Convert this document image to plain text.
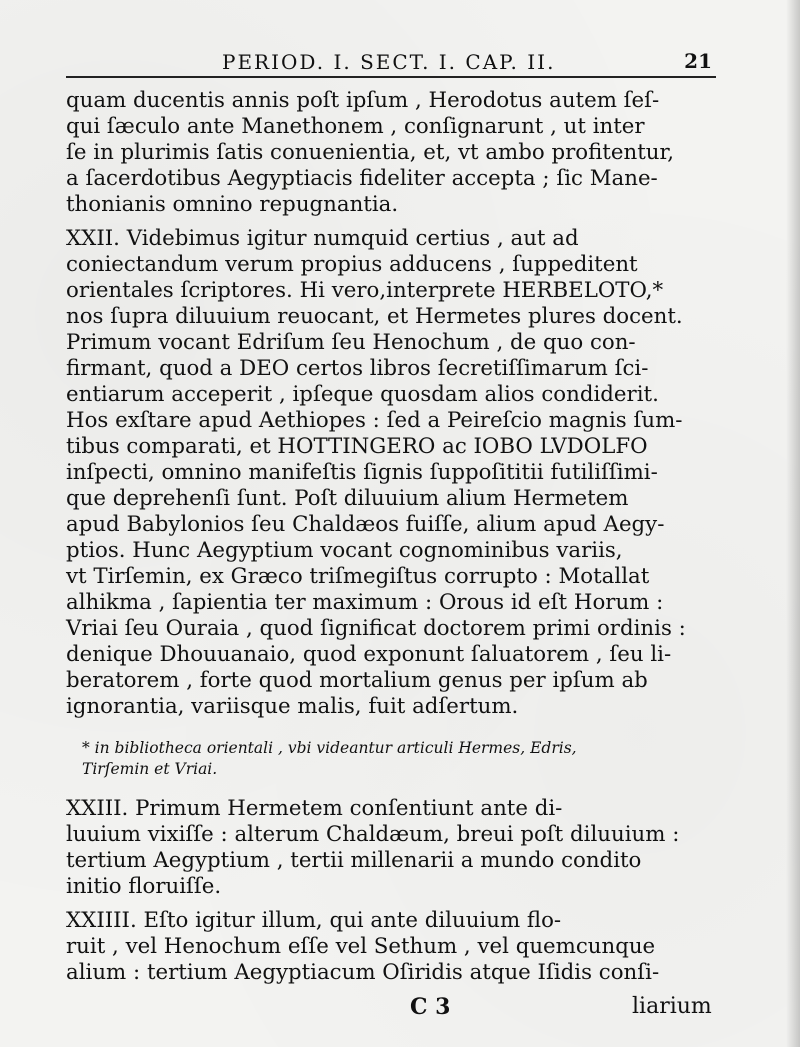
PERIOD. I. SECT. I. CAP. II.	21
quam ducentis annis poſt ipſum , Herodotus autem ſeſ-
qui ſæculo ante Manethonem , conſignarunt , ut inter
ſe in plurimis ſatis conuenientia, et, vt ambo profitentur,
a ſacerdotibus Aegyptiacis fideliter accepta ; ſic Mane-
thonianis omnino repugnantia.
XXII. Videbimus igitur numquid certius , aut ad
coniectandum verum propius adducens , ſuppeditent
orientales ſcriptores. Hi vero,interprete HERBELOTO,*
nos ſupra diluuium reuocant, et Hermetes plures docent.
Primum vocant Edriſum ſeu Henochum , de quo con-
firmant, quod a DEO certos libros ſecretiſſimarum ſci-
entiarum acceperit , ipſeque quosdam alios condiderit.
Hos exſtare apud Aethiopes : ſed a Peireſcio magnis ſum-
tibus comparati, et HOTTINGERO ac IOBO LVDOLFO
inſpecti, omnino manifeſtis ſignis ſuppoſititii futiliſſimi-
que deprehenſi ſunt. Poſt diluuium alium Hermetem
apud Babylonios ſeu Chaldæos fuiſſe, alium apud Aegy-
ptios. Hunc Aegyptium vocant cognominibus variis,
vt Tirſemin, ex Græco triſmegiſtus corrupto : Motallat
alhikma , ſapientia ter maximum : Orous id eſt Horum :
Vriai ſeu Ouraia , quod ſignificat doctorem primi ordinis :
denique Dhouuanaio, quod exponunt ſaluatorem , ſeu li-
beratorem , forte quod mortalium genus per ipſum ab
ignorantia, variisque malis, fuit adſertum.
* in bibliotheca orientali , vbi videantur articuli Hermes, Edris,
Tirſemin et Vriai.
XXIII. Primum Hermetem conſentiunt ante di-
luuium vixiſſe : alterum Chaldæum, breui poſt diluuium :
tertium Aegyptium , tertii millenarii a mundo condito
initio floruiſſe.
XXIIII. Eſto igitur illum, qui ante diluuium flo-
ruit , vel Henochum eſſe vel Sethum , vel quemcunque
alium : tertium Aegyptiacum Oſiridis atque Iſidis conſi-
C 3	liarium
